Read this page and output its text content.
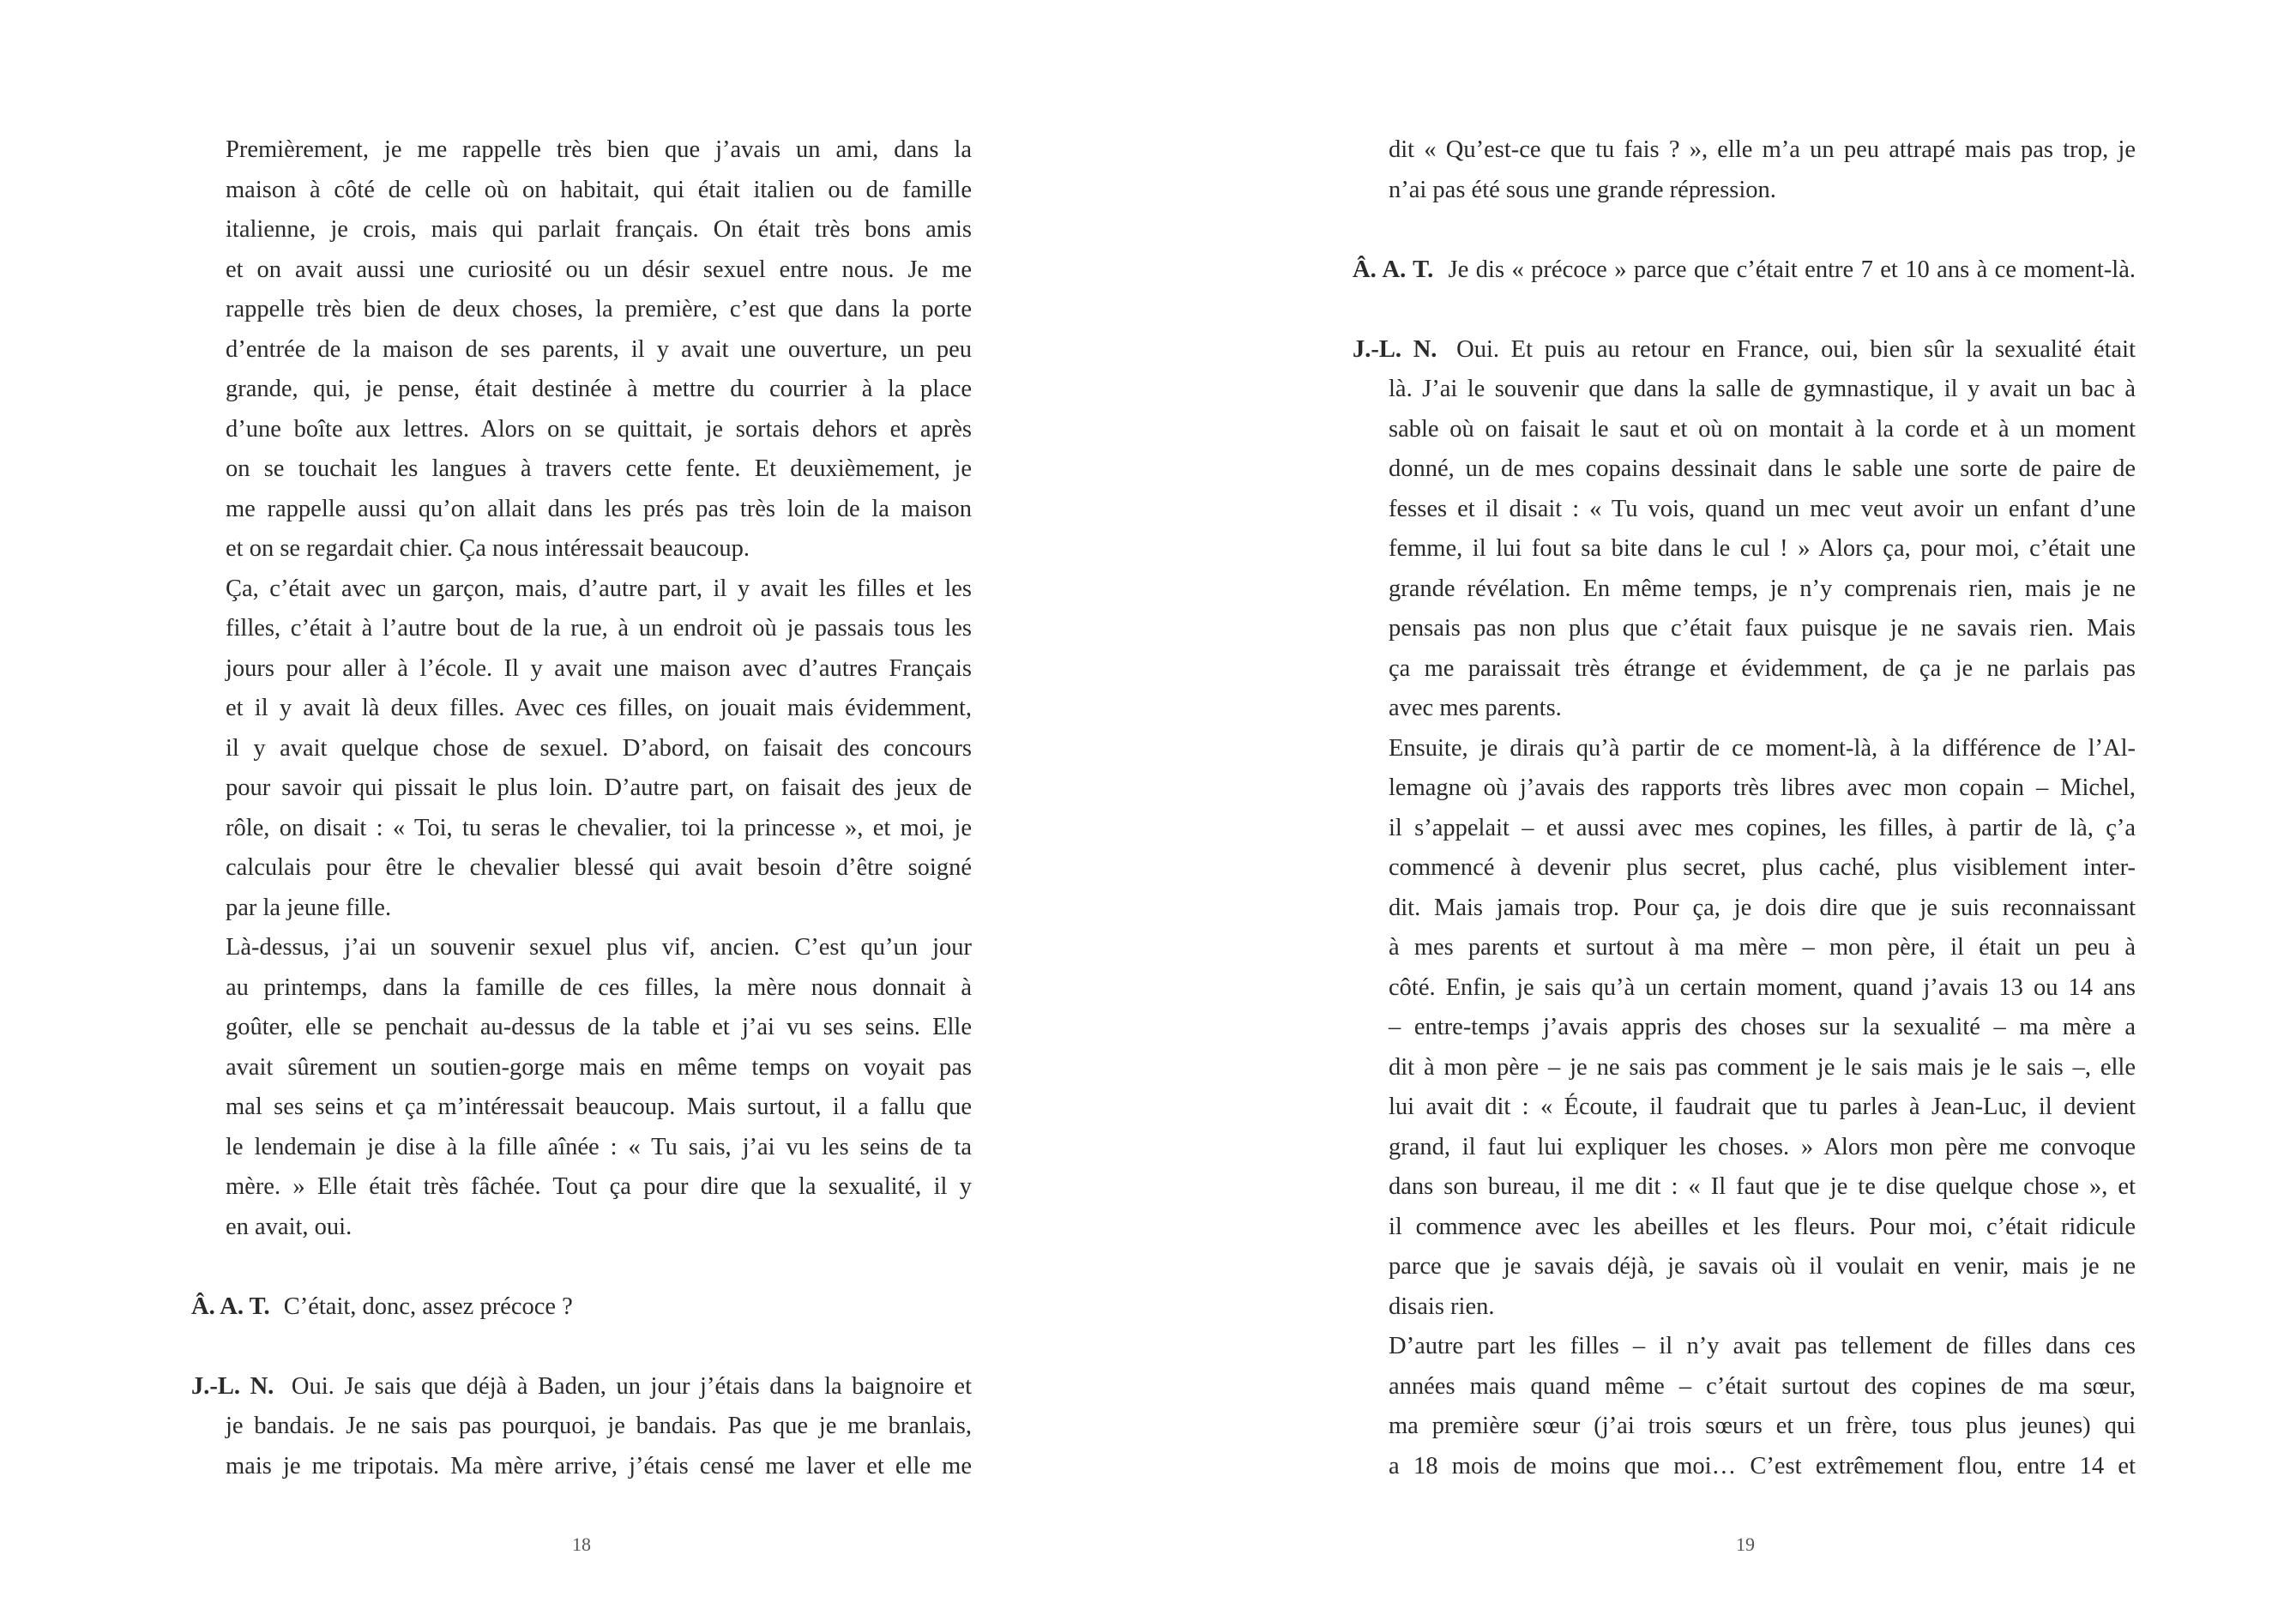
Premièrement, je me rappelle très bien que j’avais un ami, dans la
maison à côté de celle où on habitait, qui était italien ou de famille
italienne, je crois, mais qui parlait français. On était très bons amis
et on avait aussi une curiosité ou un désir sexuel entre nous. Je me
rappelle très bien de deux choses, la première, c’est que dans la porte
d’entrée de la maison de ses parents, il y avait une ouverture, un peu
grande, qui, je pense, était destinée à mettre du courrier à la place
d’une boîte aux lettres. Alors on se quittait, je sortais dehors et après
on se touchait les langues à travers cette fente. Et deuxièmement, je
me rappelle aussi qu’on allait dans les prés pas très loin de la maison
et on se regardait chier. Ça nous intéressait beaucoup.
Ça, c’était avec un garçon, mais, d’autre part, il y avait les filles et les
filles, c’était à l’autre bout de la rue, à un endroit où je passais tous les
jours pour aller à l’école. Il y avait une maison avec d’autres Français
et il y avait là deux filles. Avec ces filles, on jouait mais évidemment,
il y avait quelque chose de sexuel. D’abord, on faisait des concours
pour savoir qui pissait le plus loin. D’autre part, on faisait des jeux de
rôle, on disait : « Toi, tu seras le chevalier, toi la princesse », et moi, je
calculais pour être le chevalier blessé qui avait besoin d’être soigné
par la jeune fille.
Là-dessus, j’ai un souvenir sexuel plus vif, ancien. C’est qu’un jour
au printemps, dans la famille de ces filles, la mère nous donnait à
goûter, elle se penchait au-dessus de la table et j’ai vu ses seins. Elle
avait sûrement un soutien-gorge mais en même temps on voyait pas
mal ses seins et ça m’intéressait beaucoup. Mais surtout, il a fallu que
le lendemain je dise à la fille aînée : « Tu sais, j’ai vu les seins de ta
mère. » Elle était très fâchée. Tout ça pour dire que la sexualité, il y
en avait, oui.
Â. A. T. C’était, donc, assez précoce ?
J.-L. N. Oui. Je sais que déjà à Baden, un jour j’étais dans la baignoire et
je bandais. Je ne sais pas pourquoi, je bandais. Pas que je me branlais,
mais je me tripotais. Ma mère arrive, j’étais censé me laver et elle me
dit « Qu’est-ce que tu fais ? », elle m’a un peu attrapé mais pas trop, je
n’ai pas été sous une grande répression.
Â. A. T. Je dis « précoce » parce que c’était entre 7 et 10 ans à ce moment-là.
J.-L. N. Oui. Et puis au retour en France, oui, bien sûr la sexualité était
là. J’ai le souvenir que dans la salle de gymnastique, il y avait un bac à
sable où on faisait le saut et où on montait à la corde et à un moment
donné, un de mes copains dessinait dans le sable une sorte de paire de
fesses et il disait : « Tu vois, quand un mec veut avoir un enfant d’une
femme, il lui fout sa bite dans le cul ! » Alors ça, pour moi, c’était une
grande révélation. En même temps, je n’y comprenais rien, mais je ne
pensais pas non plus que c’était faux puisque je ne savais rien. Mais
ça me paraissait très étrange et évidemment, de ça je ne parlais pas
avec mes parents.
Ensuite, je dirais qu’à partir de ce moment-là, à la différence de l’Al-
lemagne où j’avais des rapports très libres avec mon copain – Michel,
il s’appelait – et aussi avec mes copines, les filles, à partir de là, ç’a
commencé à devenir plus secret, plus caché, plus visiblement inter-
dit. Mais jamais trop. Pour ça, je dois dire que je suis reconnaissant
à mes parents et surtout à ma mère – mon père, il était un peu à
côté. Enfin, je sais qu’à un certain moment, quand j’avais 13 ou 14 ans
– entre-temps j’avais appris des choses sur la sexualité – ma mère a
dit à mon père – je ne sais pas comment je le sais mais je le sais –, elle
lui avait dit : « Écoute, il faudrait que tu parles à Jean-Luc, il devient
grand, il faut lui expliquer les choses. » Alors mon père me convoque
dans son bureau, il me dit : « Il faut que je te dise quelque chose », et
il commence avec les abeilles et les fleurs. Pour moi, c’était ridicule
parce que je savais déjà, je savais où il voulait en venir, mais je ne
disais rien.
D’autre part les filles – il n’y avait pas tellement de filles dans ces
années mais quand même – c’était surtout des copines de ma sœur,
ma première sœur (j’ai trois sœurs et un frère, tous plus jeunes) qui
a 18 mois de moins que moi… C’est extrêmement flou, entre 14 et
18	19
